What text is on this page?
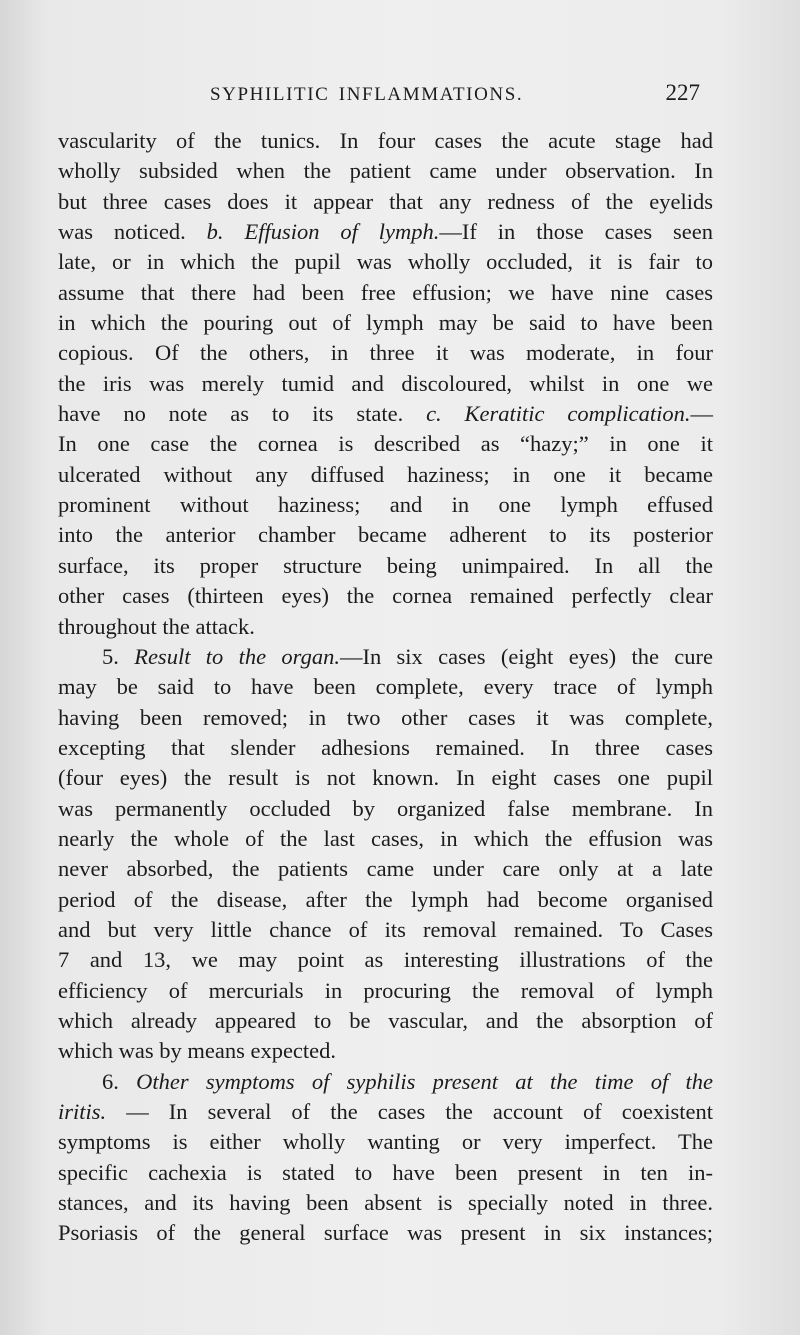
SYPHILITIC INFLAMMATIONS.	227
vascularity of the tunics. In four cases the acute stage had
wholly subsided when the patient came under observation. In
but three cases does it appear that any redness of the eyelids
was noticed. b. Effusion of lymph.—If in those cases seen
late, or in which the pupil was wholly occluded, it is fair to
assume that there had been free effusion; we have nine cases
in which the pouring out of lymph may be said to have been
copious. Of the others, in three it was moderate, in four
the iris was merely tumid and discoloured, whilst in one we
have no note as to its state. c. Keratitic complication.—
In one case the cornea is described as “hazy;” in one it
ulcerated without any diffused haziness; in one it became
prominent without haziness; and in one lymph effused
into the anterior chamber became adherent to its posterior
surface, its proper structure being unimpaired. In all the
other cases (thirteen eyes) the cornea remained perfectly clear
throughout the attack.
5. Result to the organ.—In six cases (eight eyes) the cure
may be said to have been complete, every trace of lymph
having been removed; in two other cases it was complete,
excepting that slender adhesions remained. In three cases
(four eyes) the result is not known. In eight cases one pupil
was permanently occluded by organized false membrane. In
nearly the whole of the last cases, in which the effusion was
never absorbed, the patients came under care only at a late
period of the disease, after the lymph had become organised
and but very little chance of its removal remained. To Cases
7 and 13, we may point as interesting illustrations of the
efficiency of mercurials in procuring the removal of lymph
which already appeared to be vascular, and the absorption of
which was by means expected.
6. Other symptoms of syphilis present at the time of the
iritis. — In several of the cases the account of coexistent
symptoms is either wholly wanting or very imperfect. The
specific cachexia is stated to have been present in ten in-
stances, and its having been absent is specially noted in three.
Psoriasis of the general surface was present in six instances;
